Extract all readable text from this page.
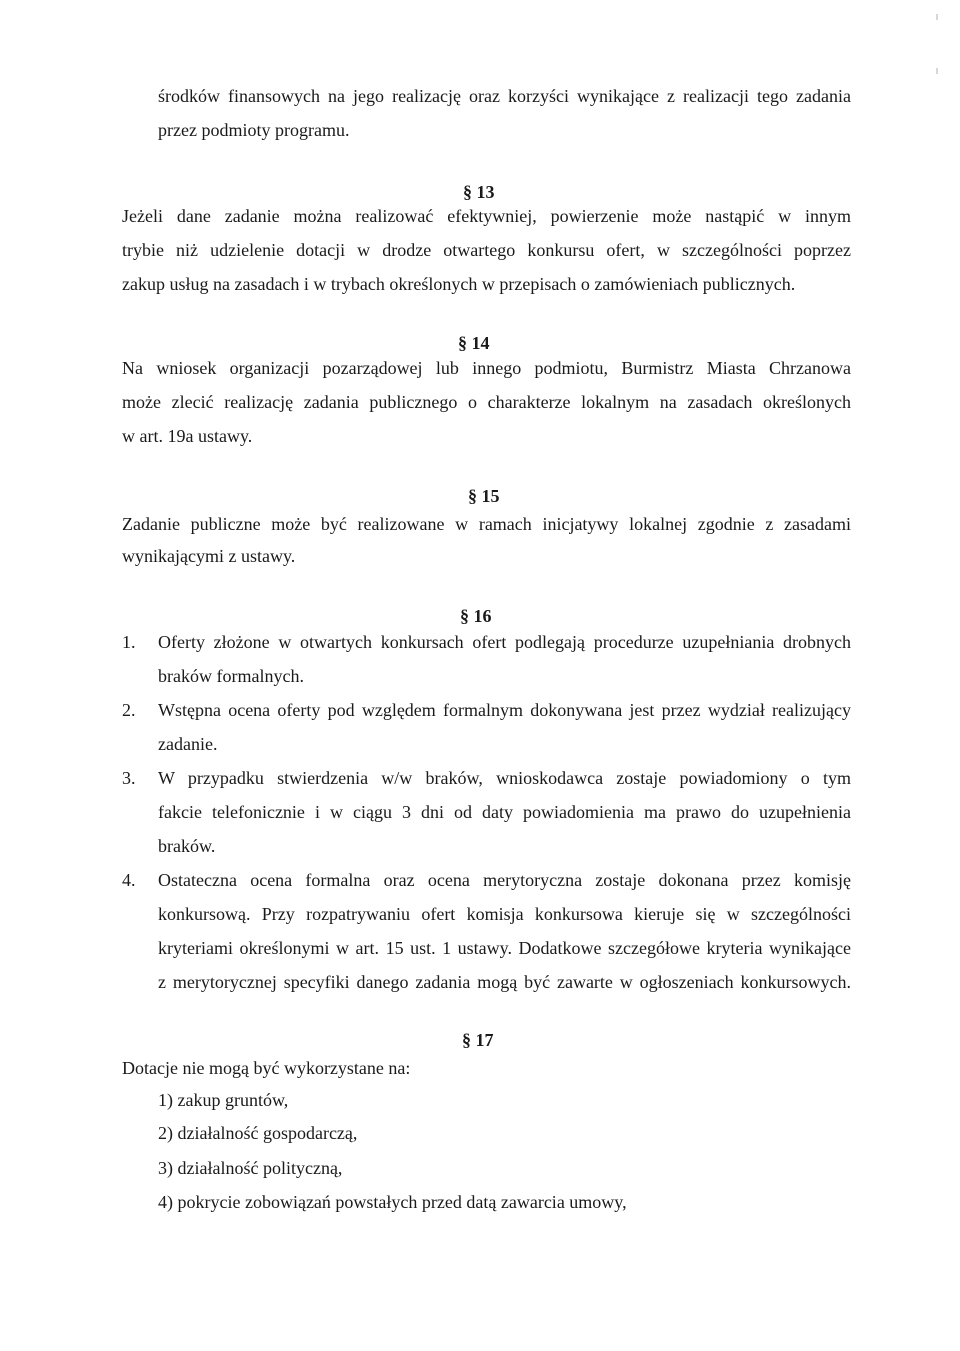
środków finansowych na jego realizację oraz korzyści wynikające z realizacji tego zadania
przez podmioty programu.
§ 13
Jeżeli dane zadanie można realizować efektywniej, powierzenie może nastąpić w innym
trybie niż udzielenie dotacji w drodze otwartego konkursu ofert, w szczególności poprzez
zakup usług na zasadach i w trybach określonych w przepisach o zamówieniach publicznych.
§ 14
Na wniosek organizacji pozarządowej lub innego podmiotu, Burmistrz Miasta Chrzanowa
może zlecić realizację zadania publicznego o charakterze lokalnym na zasadach określonych
w art. 19a ustawy.
§ 15
Zadanie publiczne może być realizowane w ramach inicjatywy lokalnej zgodnie z zasadami
wynikającymi z ustawy.
§ 16
1. Oferty złożone w otwartych konkursach ofert podlegają procedurze uzupełniania drobnych
braków formalnych.
2. Wstępna ocena oferty pod względem formalnym dokonywana jest przez wydział realizujący
zadanie.
3. W przypadku stwierdzenia w/w braków, wnioskodawca zostaje powiadomiony o tym
fakcie telefonicznie i w ciągu 3 dni od daty powiadomienia ma prawo do uzupełnienia
braków.
4. Ostateczna ocena formalna oraz ocena merytoryczna zostaje dokonana przez komisję
konkursową. Przy rozpatrywaniu ofert komisja konkursowa kieruje się w szczególności
kryteriami określonymi w art. 15 ust. 1 ustawy. Dodatkowe szczegółowe kryteria wynikające
z merytorycznej specyfiki danego zadania mogą być zawarte w ogłoszeniach konkursowych.
§ 17
Dotacje nie mogą być wykorzystane na:
1) zakup gruntów,
2) działalność gospodarczą,
3) działalność polityczną,
4) pokrycie zobowiązań powstałych przed datą zawarcia umowy,
